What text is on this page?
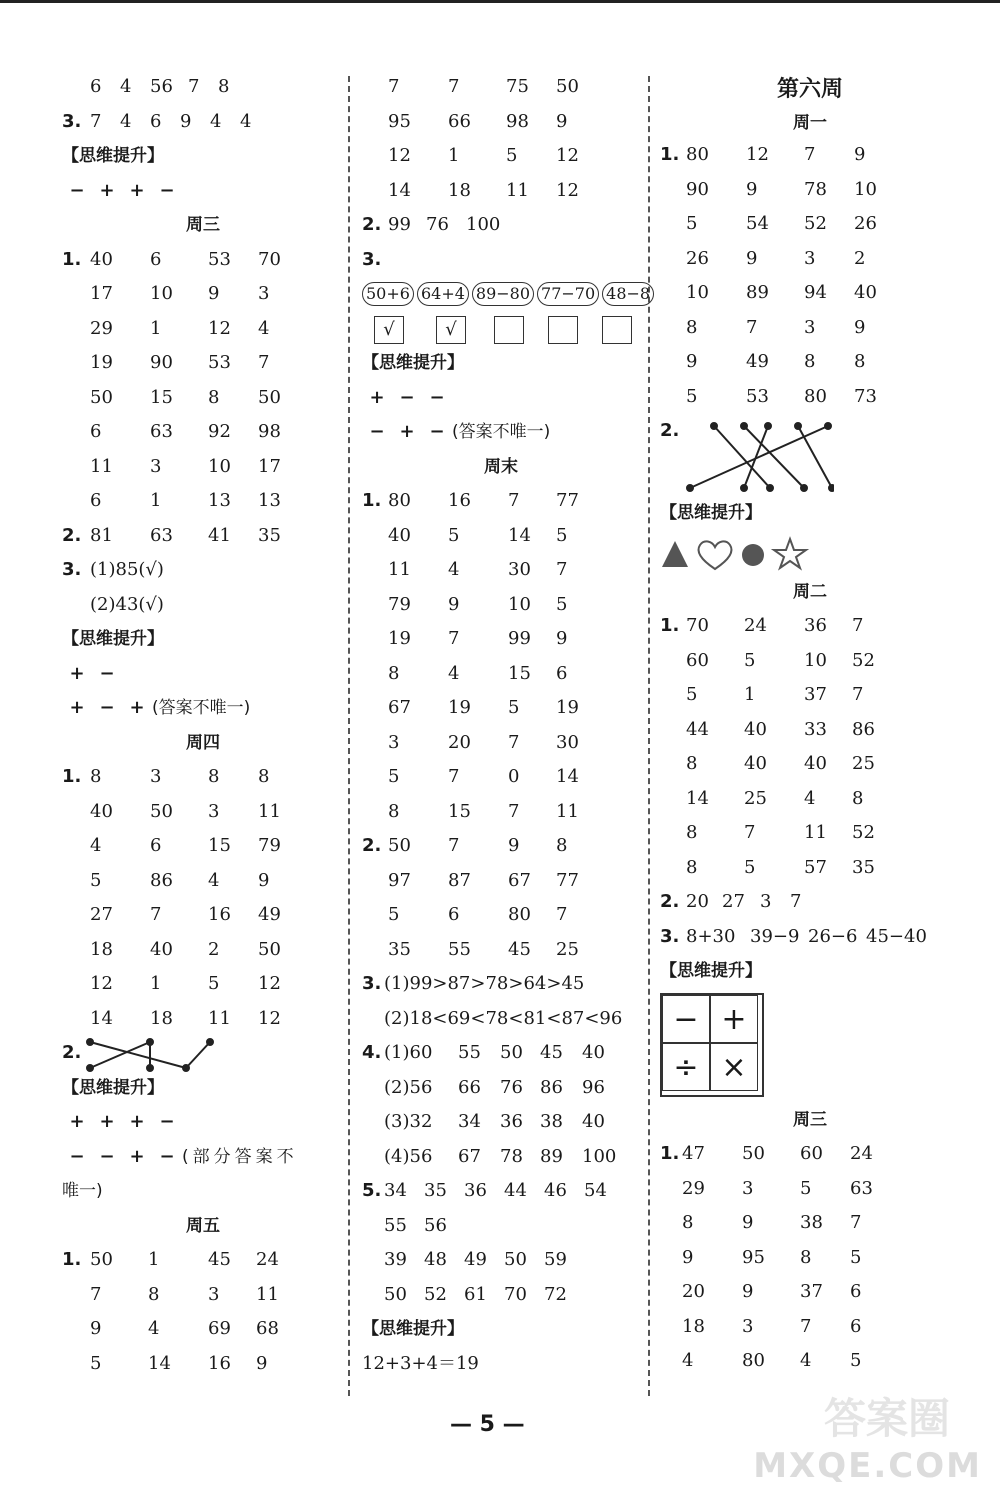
6 4 56 7 8
3. 7 4 6 9 4 4
【思维提升】
− + + −
周三
1. 40 6	53 70
17 10 9 3
29 1	12 4
19 90 53 7
50 15 8 50
6	63 92 98
11 3	10 17
6	1	13 13
2. 81 63 41 35
3. (1)85(√)
(2)43(√)
【思维提升】
+ −
+ − + (答案不唯一)
周四
1. 8	3	8 8
40 50 3 11
4	6	15 79
5	86 4 9
27 7	16 49
18 40 2 50
12 1	5 12
14 18 11 12
2.
【思维提升】
+ + + −
− − + − (部分答案不
唯一)
周五
1. 50 1	45 24
7	8	3 11
9	4	69 68
5	14 16 9
7	7	75 50
95 66 98 9
12 1	5 12
14 18 11 12
2. 99 76 100
3.
50+6 64+4 89−80 77−70 48−8
√	√
【思维提升】
+ − −
− + − (答案不唯一)
周末
1. 80 16 7 77
40 5	14 5
11 4	30 7
79 9	10 5
19 7	99 9
8	4	15 6
67 19 5 19
3	20 7 30
5	7	0 14
8	15 7 11
2. 50 7	9 8
97 87 67 77
5	6	80 7
35 55 45 25
3. (1)99>87>78>64>45
(2)18<69<78<81<87<96
4. (1)60 55 50 45 40
(2)56 66 76 86 96
(3)32 34 36 38 40
(4)56 67 78 89 100
5. 34 35 36 44 46 54
55 56
39 48 49 50 59
50 52 61 70 72
【思维提升】
12+3+4＝19
第六周
周一
1. 80 12 7 9
90 9	78 10
5	54 52 26
26 9	3 2
10 89 94 40
8	7	3 9
9	49 8 8
5	53 80 73
2.
【思维提升】
周二
1. 70 24 36 7
60 5	10 52
5	1	37 7
44 40 33 86
8	40 40 25
14 25 4 8
8	7	11 52
8	5	57 35
2. 20 27 3 7
3. 8+30 39−9 26−6 45−40
【思维提升】
− +
÷ ×
周三
1. 47 50 60 24
29 3	5 63
8	9	38 7
9	95 8 5
20 9	37 6
18 3	7 6
4	80 4 5
— 5 —	答案圈
MXQE.COM
